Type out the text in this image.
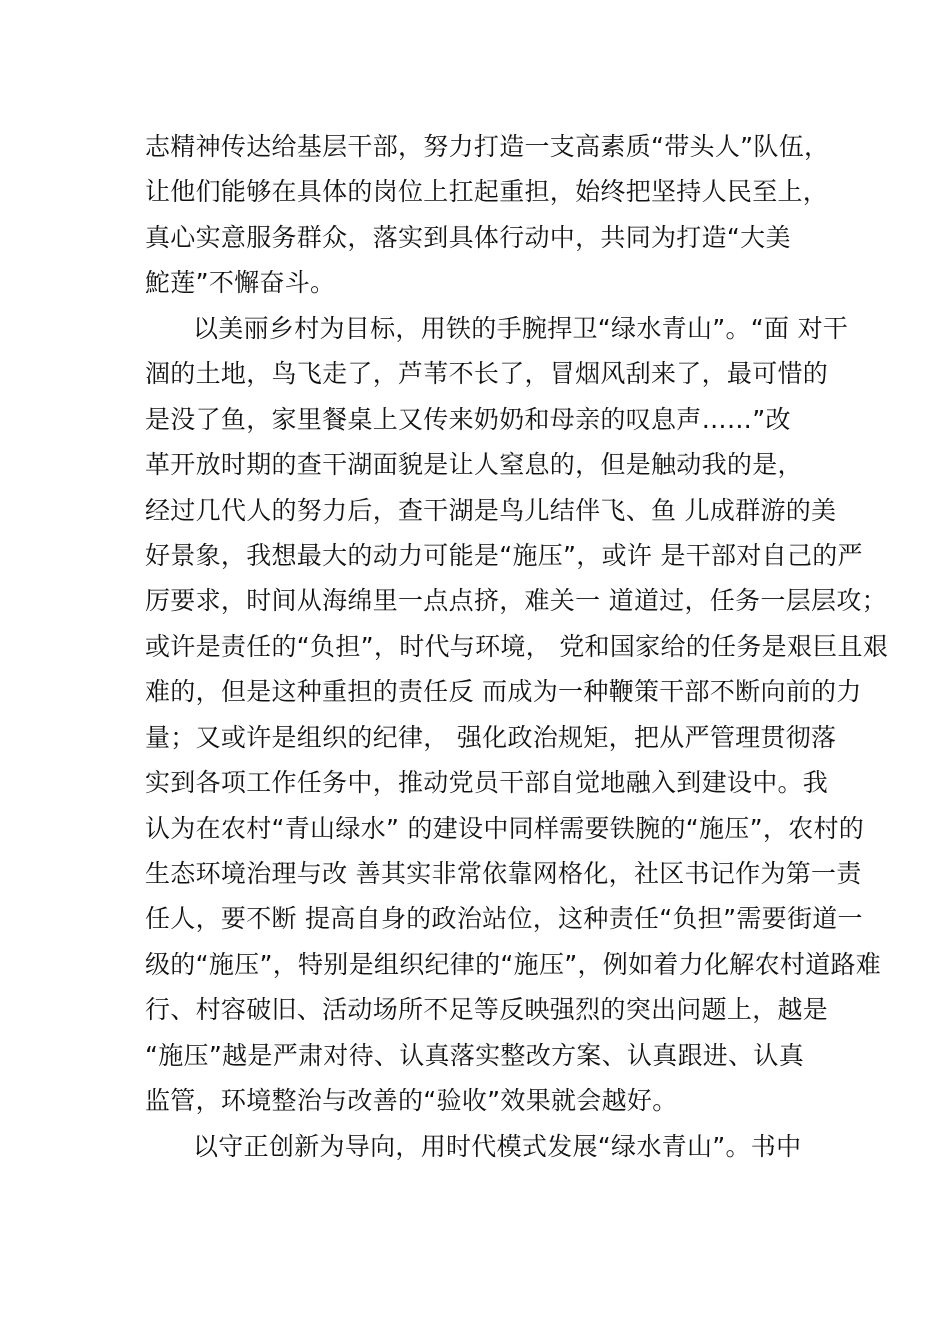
志精神传达给基层干部，努力打造一支高素质“带头人”队伍，
让他们能够在具体的岗位上扛起重担，始终把坚持人民至上，
真心实意服务群众，落实到具体行动中，共同为打造“大美
鮀莲”不懈奋斗。
以美丽乡村为目标，用铁的手腕捍卫“绿水青山”。“面 对干
涸的土地，鸟飞走了，芦苇不长了，冒烟风刮来了，最可惜的
是没了鱼，家里餐桌上又传来奶奶和母亲的叹息声……”改
革开放时期的查干湖面貌是让人窒息的，但是触动我的是，
经过几代人的努力后，查干湖是鸟儿结伴飞、鱼 儿成群游的美
好景象，我想最大的动力可能是“施压”，或许 是干部对自己的严
厉要求，时间从海绵里一点点挤，难关一 道道过，任务一层层攻；
或许是责任的“负担”，时代与环境， 党和国家给的任务是艰巨且艰
难的，但是这种重担的责任反 而成为一种鞭策干部不断向前的力
量；又或许是组织的纪律， 强化政治规矩，把从严管理贯彻落
实到各项工作任务中，推动党员干部自觉地融入到建设中。我
认为在农村“青山绿水” 的建设中同样需要铁腕的“施压”，农村的
生态环境治理与改 善其实非常依靠网格化，社区书记作为第一责
任人，要不断 提高自身的政治站位，这种责任“负担”需要街道一
级的“施压”，特别是组织纪律的“施压”，例如着力化解农村道路难
行、村容破旧、活动场所不足等反映强烈的突出问题上，越是
“施压”越是严肃对待、认真落实整改方案、认真跟进、认真
监管，环境整治与改善的“验收”效果就会越好。
以守正创新为导向，用时代模式发展“绿水青山”。书中
